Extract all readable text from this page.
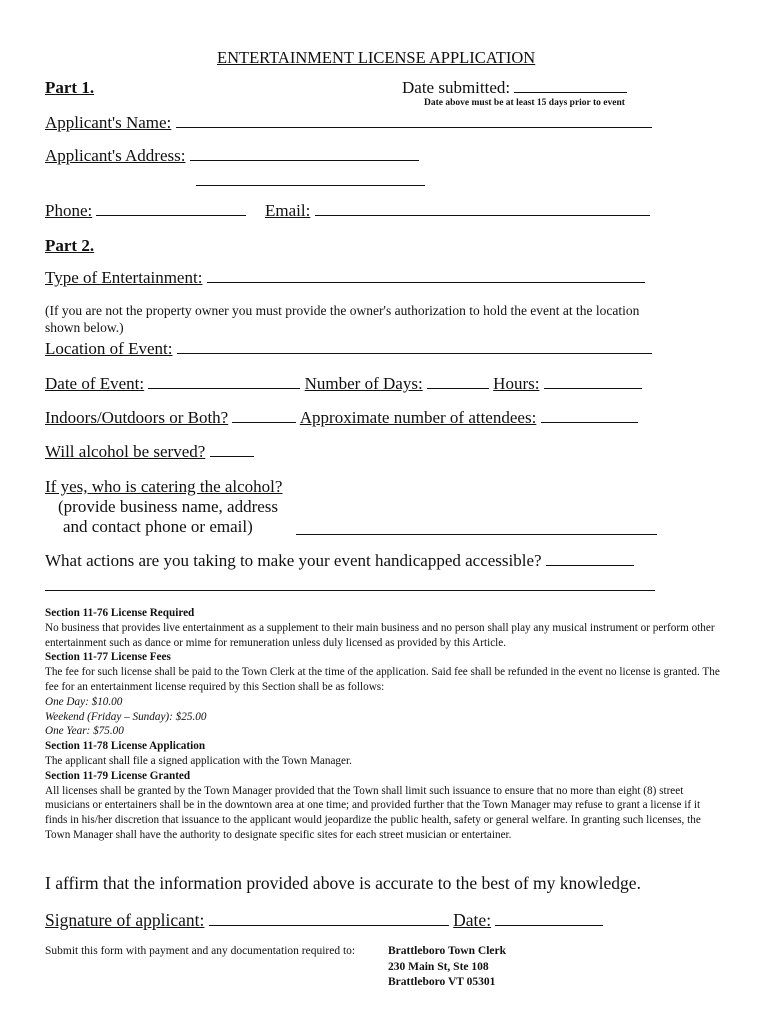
ENTERTAINMENT LICENSE APPLICATION
Part 1.	Date submitted:
Date above must be at least 15 days prior to event
Applicant's Name:
Applicant's Address:
Phone:	Email:
Part 2.
Type of Entertainment:
(If you are not the property owner you must provide the owner's authorization to hold the event at the location
shown below.)
Location of Event:
Date of Event:	Number of Days:	Hours:
Indoors/Outdoors or Both?	Approximate number of attendees:
Will alcohol be served?
If yes, who is catering the alcohol?
(provide business name, address
and contact phone or email)
What actions are you taking to make your event handicapped accessible?

Section 11-76 License Required

No business that provides live entertainment as a supplement to their main business and no person shall play any musical instrument or perform other entertainment such as dance or mime for remuneration unless duly licensed as provided by this Article.

Section 11-77 License Fees

The fee for such license shall be paid to the Town Clerk at the time of the application. Said fee shall be refunded in the event no license is granted. The fee for an entertainment license required by this Section shall be as follows:

One Day: $10.00

Weekend (Friday – Sunday): $25.00

One Year: $75.00

Section 11-78 License Application

The applicant shall file a signed application with the Town Manager.

Section 11-79 License Granted

All licenses shall be granted by the Town Manager provided that the Town shall limit such issuance to ensure that no more than eight (8) street musicians or entertainers shall be in the downtown area at one time; and provided further that the Town Manager may refuse to grant a license if it finds in his/her discretion that issuance to the applicant would jeopardize the public health, safety or general welfare. In granting such licenses, the Town Manager shall have the authority to designate specific sites for each street musician or entertainer.

I affirm that the information provided above is accurate to the best of my knowledge.
Signature of applicant:	Date:
Submit this form with payment and any documentation required to:	Brattleboro Town Clerk
230 Main St, Ste 108
Brattleboro VT 05301
